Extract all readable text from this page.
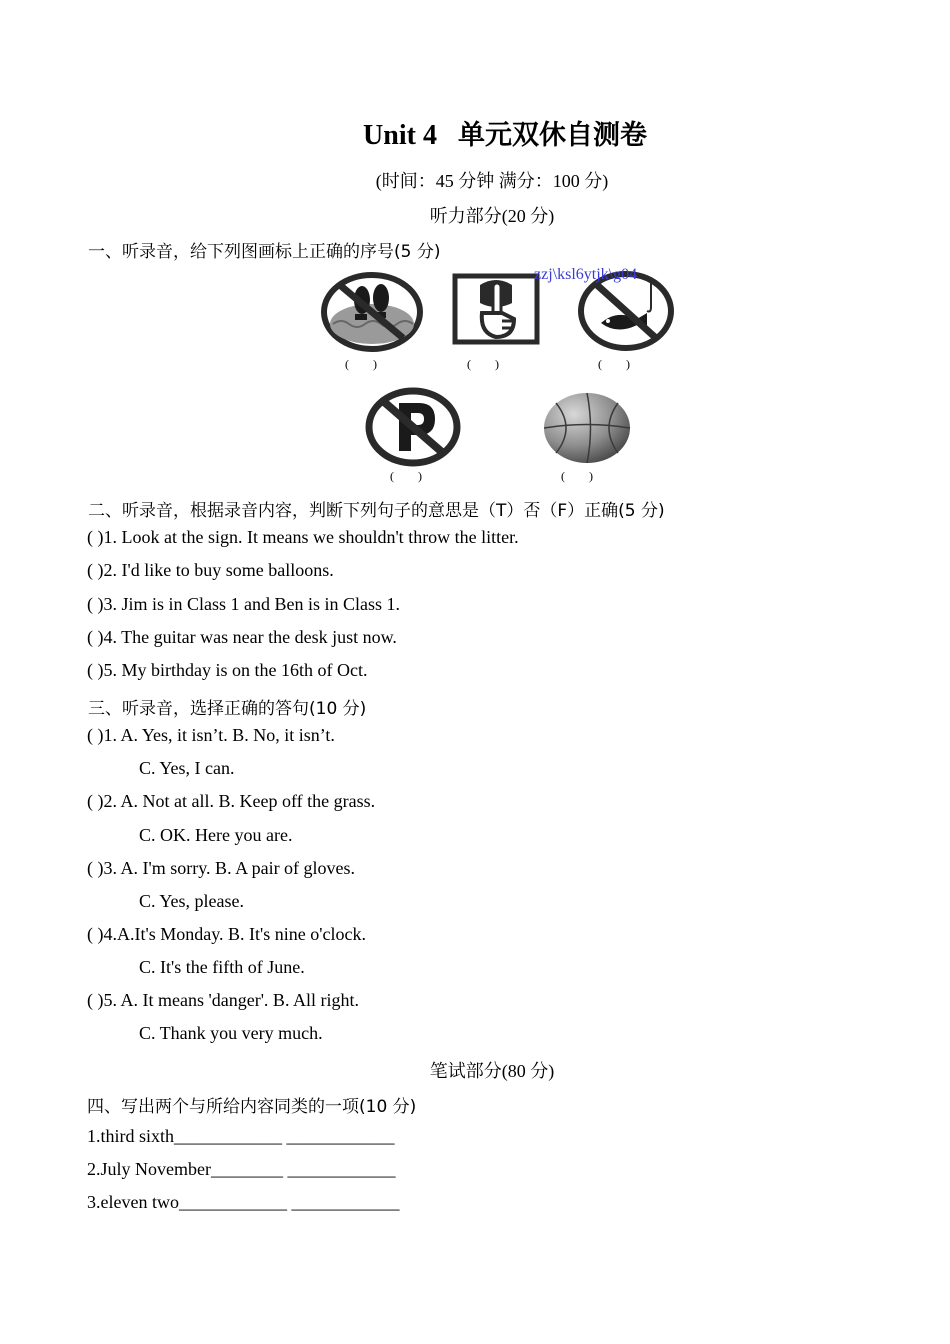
Unit 4 单元双休自测卷
(时间：45 分钟 满分：100 分)
听力部分(20 分)
一、听录音，给下列图画标上正确的序号(5 分)
(        )	(        )	(        )
zzj\ksl6ytjk\g04
(        )	(        )
二、听录音，根据录音内容，判断下列句子的意思是（T）否（F）正确(5 分)
( )1. Look at the sign. It means we shouldn't throw the litter.
( )2. I'd like to buy some balloons.
( )3. Jim is in Class 1 and Ben is in Class 1.
( )4. The guitar was near the desk just now.
( )5. My birthday is on the 16th of Oct.
三、听录音，选择正确的答句(10 分)
( )1. A. Yes, it isn’t. B. No, it isn’t.
C. Yes, I can.
( )2. A. Not at all. B. Keep off the grass.
C. OK. Here you are.
( )3. A. I'm sorry. B. A pair of gloves.
C. Yes, please.
( )4.A.It's Monday. B. It's nine o'clock.
C. It's the fifth of June.
( )5. A. It means 'danger'. B. All right.
C. Thank you very much.
笔试部分(80 分)
四、写出两个与所给内容同类的一项(10 分)
1.third sixth____________ ____________
2.July November________ ____________
3.eleven two____________ ____________
